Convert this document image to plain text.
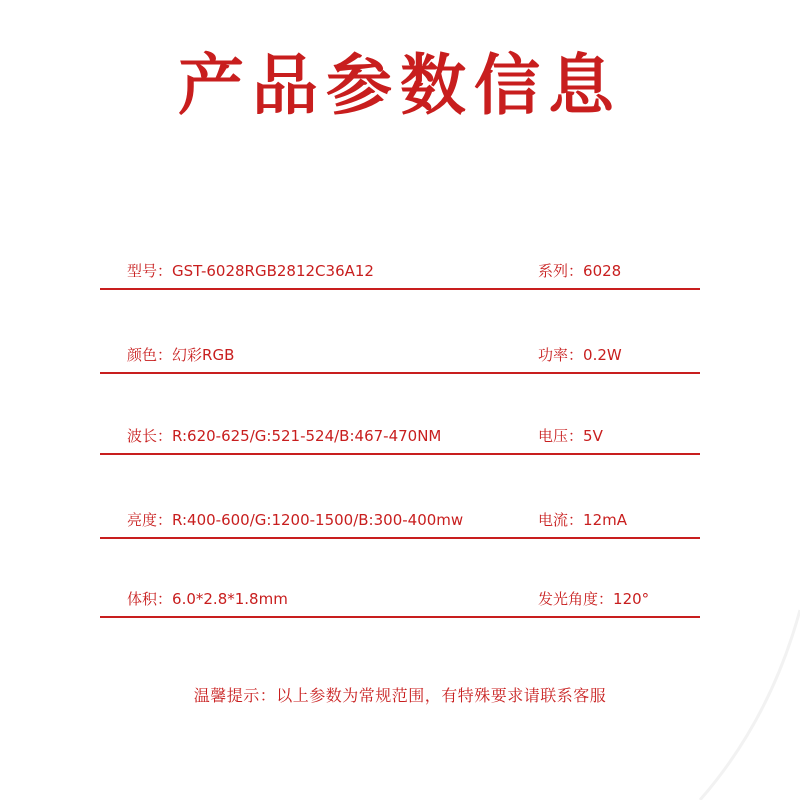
产品参数信息
型号：GST-6028RGB2812C36A12	系列：6028
颜色：幻彩RGB	功率：0.2W
波长：R:620-625/G:521-524/B:467-470NM	电压：5V
亮度：R:400-600/G:1200-1500/B:300-400mw	电流：12mA
体积：6.0*2.8*1.8mm	发光角度：120°
温馨提示：以上参数为常规范围，有特殊要求请联系客服
